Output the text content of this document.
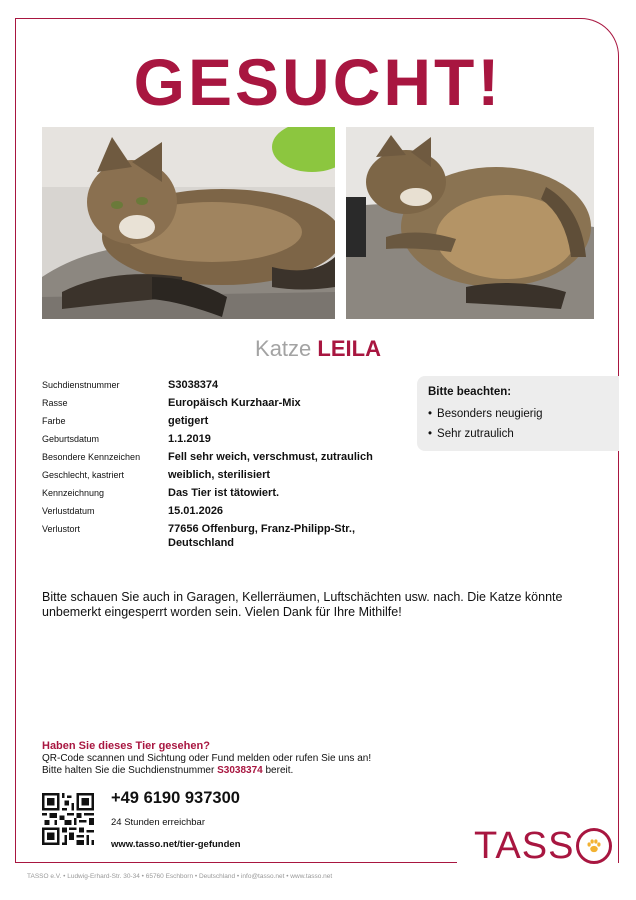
GESUCHT!
Katze LEILA
Suchdienstnummer	S3038374
Rasse	Europäisch Kurzhaar-Mix
Farbe	getigert
Geburtsdatum	1.1.2019
Besondere Kennzeichen	Fell sehr weich, verschmust, zutraulich
Geschlecht, kastriert	weiblich, sterilisiert
Kennzeichnung	Das Tier ist tätowiert.
Verlustdatum	15.01.2026
Verlustort	77656 Offenburg, Franz-Philipp-Str., Deutschland
Bitte beachten:
• Besonders neugierig
• Sehr zutraulich
Bitte schauen Sie auch in Garagen, Kellerräumen, Luftschächten usw. nach. Die Katze könnte unbemerkt eingesperrt worden sein. Vielen Dank für Ihre Mithilfe!
Haben Sie dieses Tier gesehen?
QR-Code scannen und Sichtung oder Fund melden oder rufen Sie uns an!
Bitte halten Sie die Suchdienstnummer S3038374 bereit.
+49 6190 937300
24 Stunden erreichbar
www.tasso.net/tier-gefunden	TASS
TASSO e.V. • Ludwig-Erhard-Str. 30-34 • 65760 Eschborn • Deutschland • info@tasso.net • www.tasso.net
